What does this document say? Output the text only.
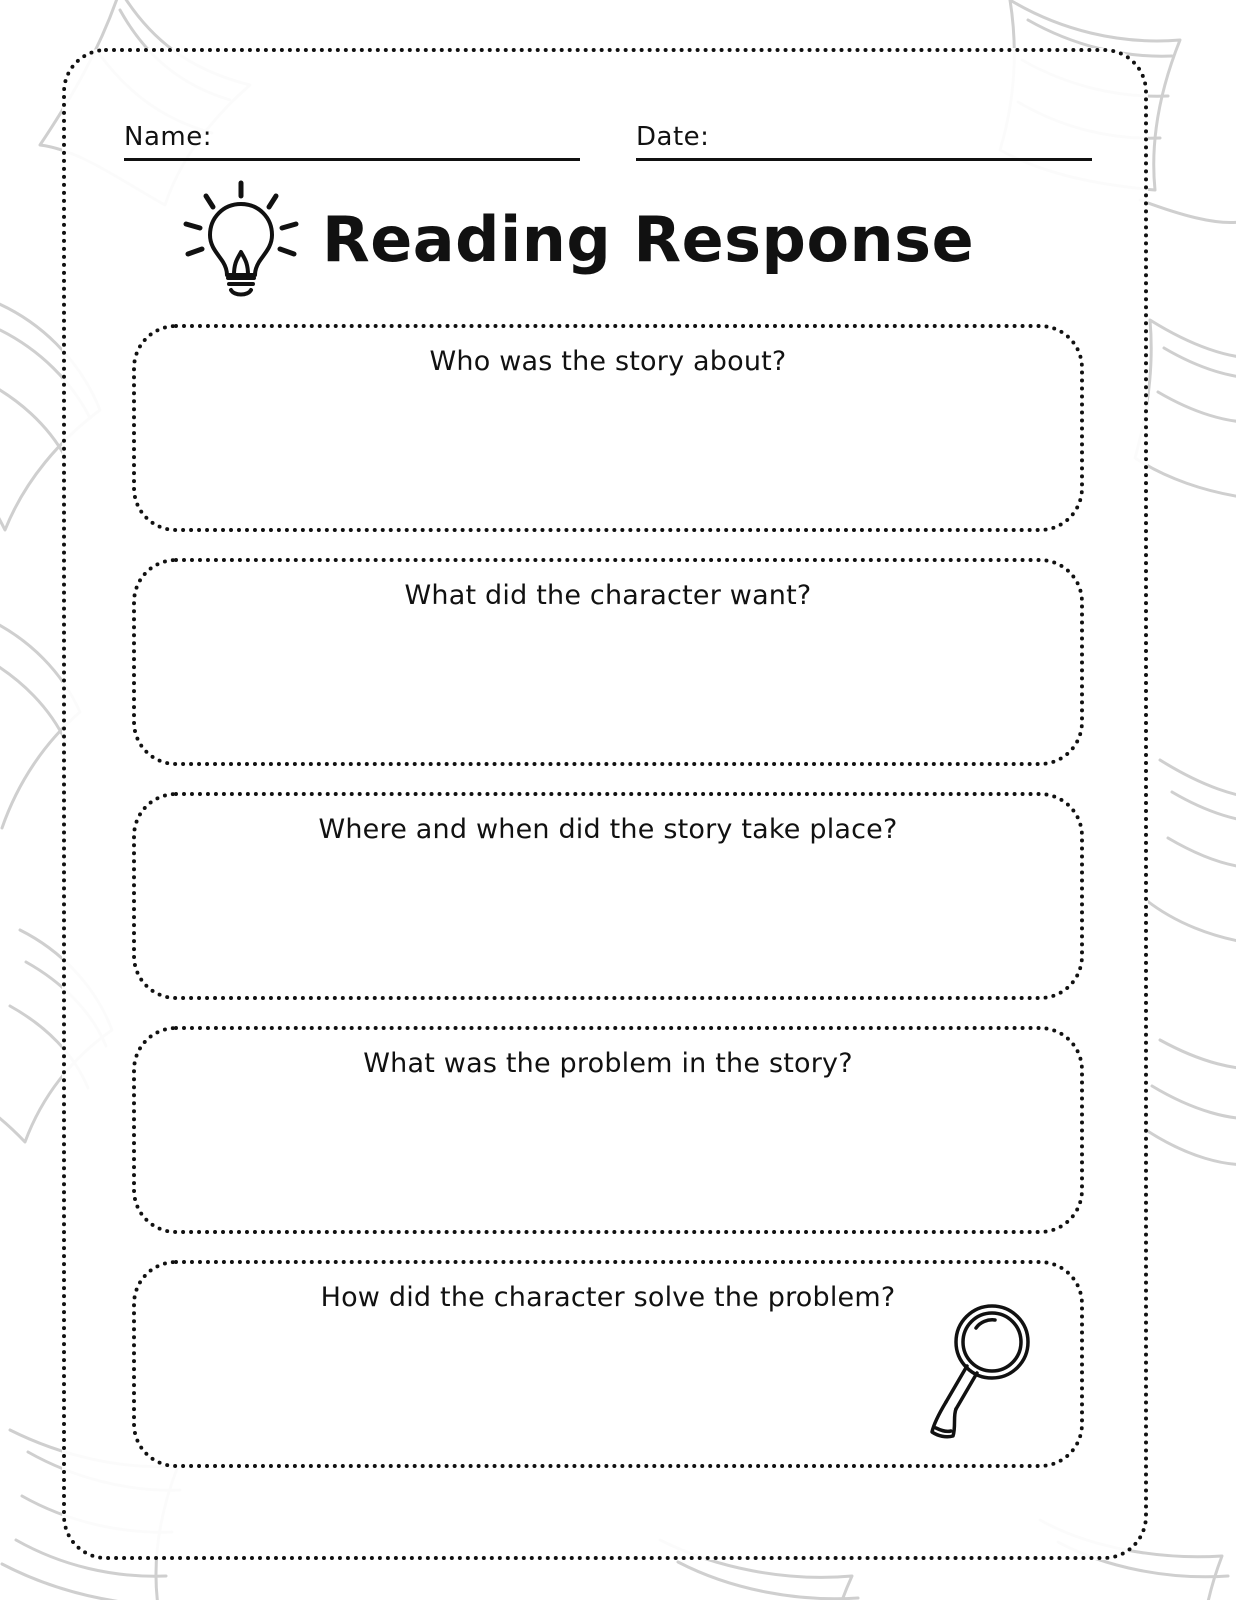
Name:	Date:
Reading Response
Who was the story about?
What did the character want?
Where and when did the story take place?
What was the problem in the story?
How did the character solve the problem?
